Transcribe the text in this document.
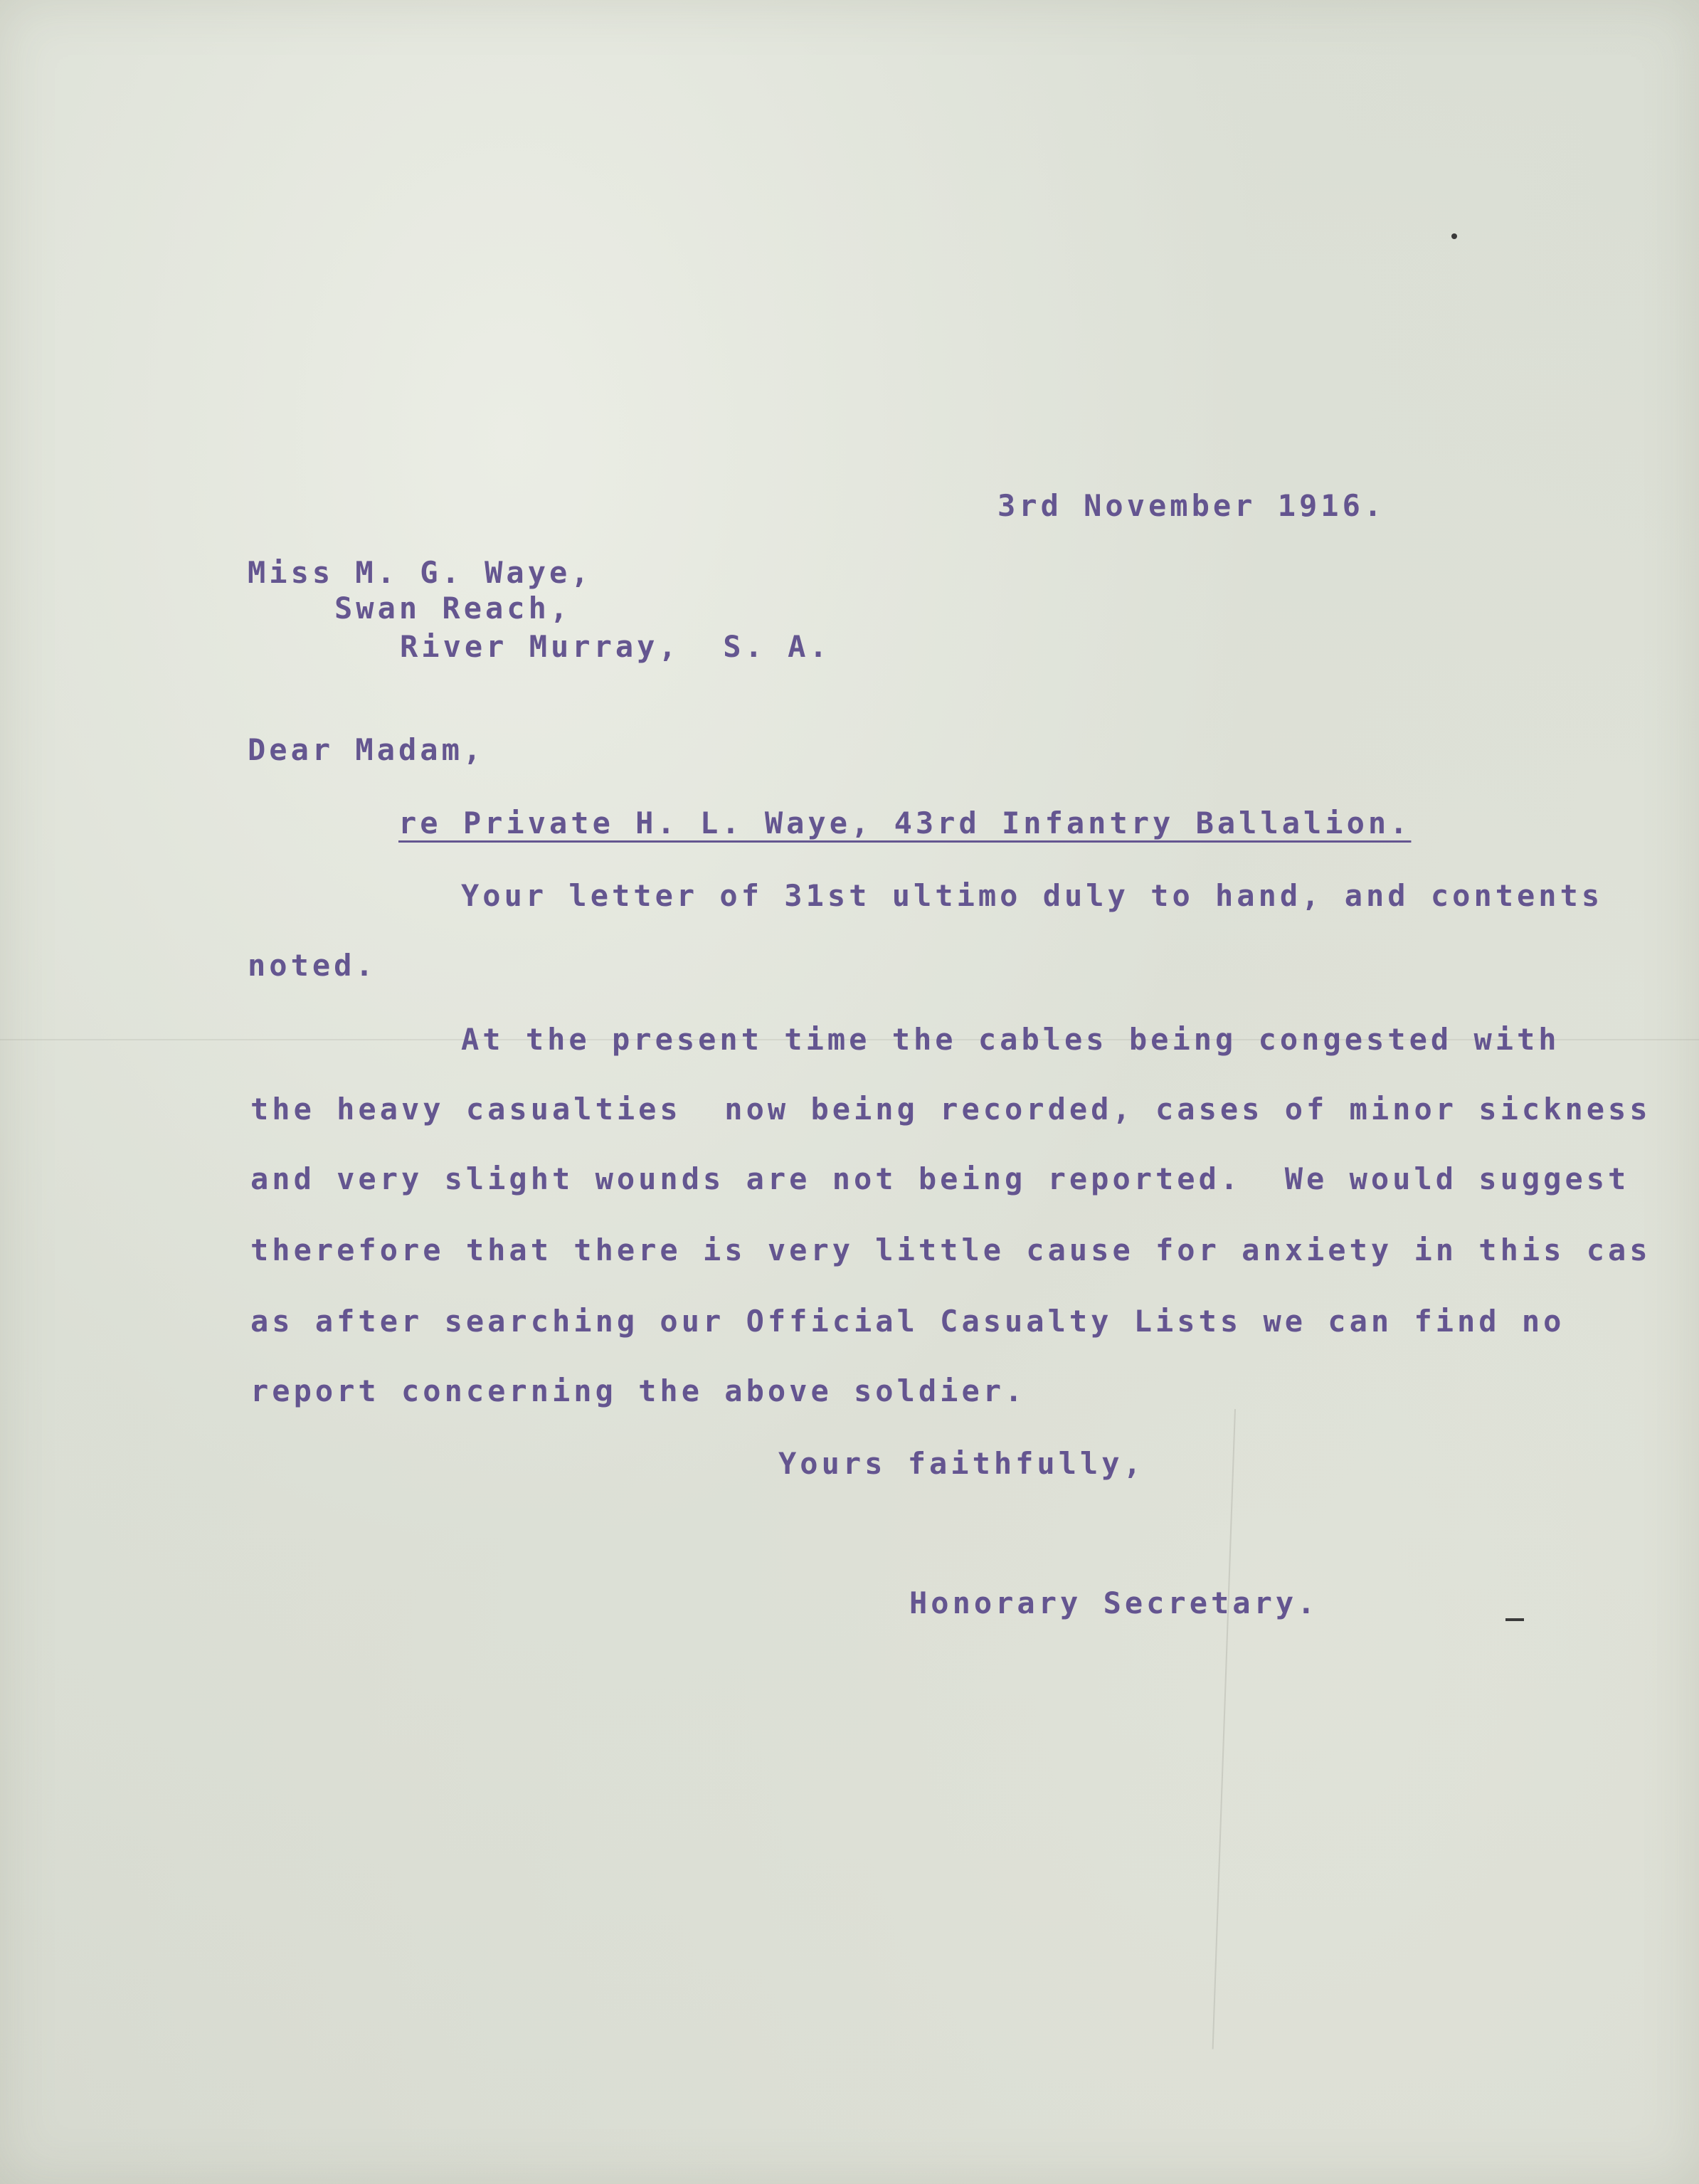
3rd November 1916.
Miss M. G. Waye,
Swan Reach,
River Murray,  S. A.
Dear Madam,
re Private H. L. Waye, 43rd Infantry Ballalion.
Your letter of 31st ultimo duly to hand, and contents
noted.
At the present time the cables being congested with
the heavy casualties  now being recorded, cases of minor sickness
and very slight wounds are not being reported.  We would suggest
therefore that there is very little cause for anxiety in this cas
as after searching our Official Casualty Lists we can find no
report concerning the above soldier.
Yours faithfully,
Honorary Secretary.
